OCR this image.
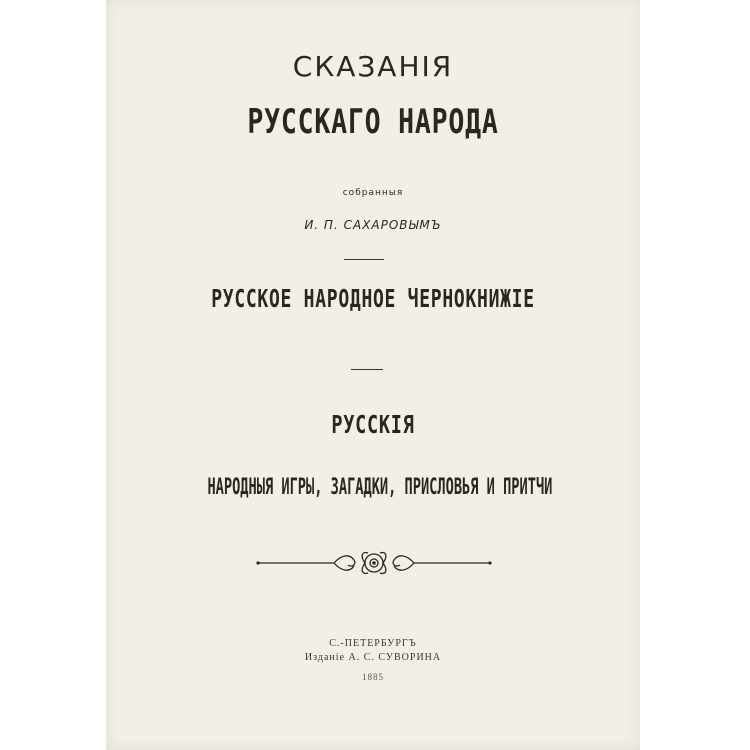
СКАЗАНІЯ
РУССКАГО НАРОДА
собранныя
И. П. САХАРОВЫМЪ
РУССКОЕ НАРОДНОЕ ЧЕРНОКНИЖІЕ
РУССКІЯ
НАРОДНЫЯ ИГРЫ, ЗАГАДКИ, ПРИСЛОВЬЯ И ПРИТЧИ
С.-ПЕТЕРБУРГЪ
Изданіе А. С. СУВОРИНА
1885
